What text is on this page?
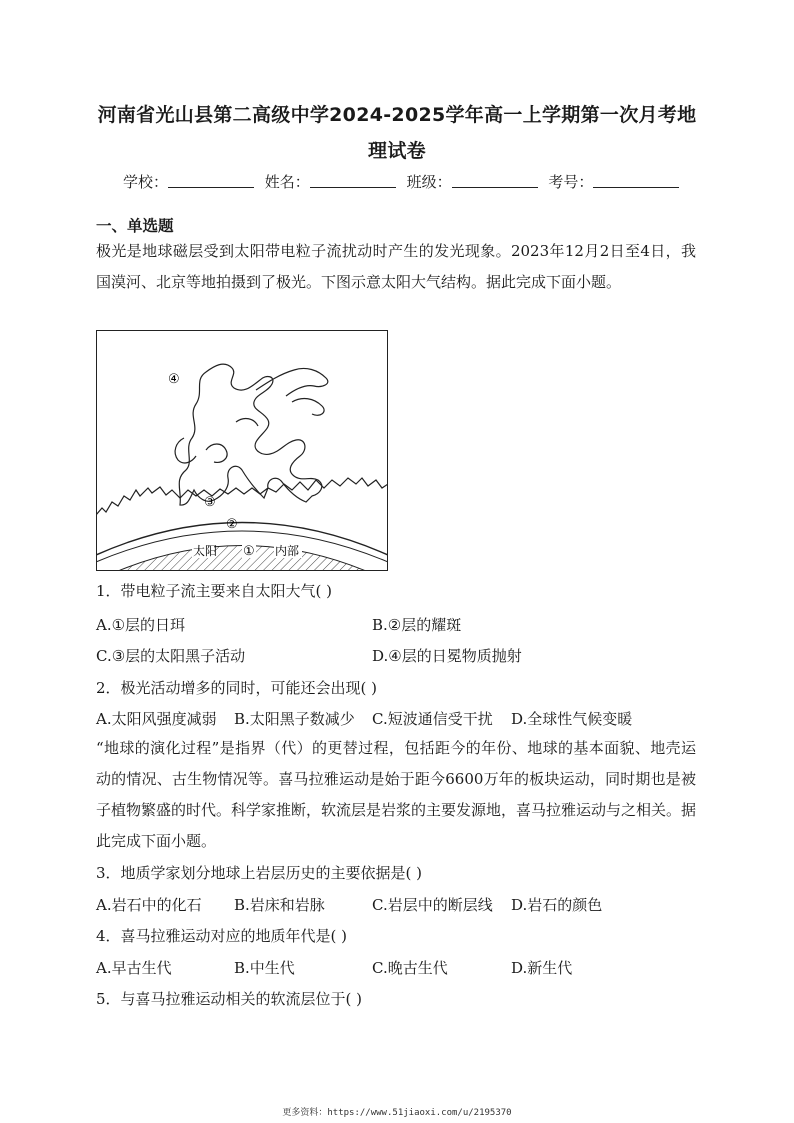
河南省光山县第二高级中学2024-2025学年高一上学期第一次月考地
理试卷
学校：	姓名：	班级：	考号：
一、单选题
极光是地球磁层受到太阳带电粒子流扰动时产生的发光现象。2023年12月2日至4日，我国漠河、北京等地拍摄到了极光。下图示意太阳大气结构。据此完成下面小题。
④
③
②
太阳 ① 内部
1．带电粒子流主要来自太阳大气( )
A.①层的日珥	B.②层的耀斑
C.③层的太阳黑子活动	D.④层的日冕物质抛射
2．极光活动增多的同时，可能还会出现( )
A.太阳风强度减弱 B.太阳黑子数减少 C.短波通信受干扰 D.全球性气候变暖
“地球的演化过程”是指界（代）的更替过程，包括距今的年份、地球的基本面貌、地壳运动的情况、古生物情况等。喜马拉雅运动是始于距今6600万年的板块运动，同时期也是被子植物繁盛的时代。科学家推断，软流层是岩浆的主要发源地，喜马拉雅运动与之相关。据此完成下面小题。
3．地质学家划分地球上岩层历史的主要依据是( )
A.岩石中的化石 B.岩床和岩脉	C.岩层中的断层线 D.岩石的颜色
4．喜马拉雅运动对应的地质年代是( )
A.早古生代	B.中生代	C.晚古生代	D.新生代
5．与喜马拉雅运动相关的软流层位于( )
更多资料：https://www.51jiaoxi.com/u/2195370
